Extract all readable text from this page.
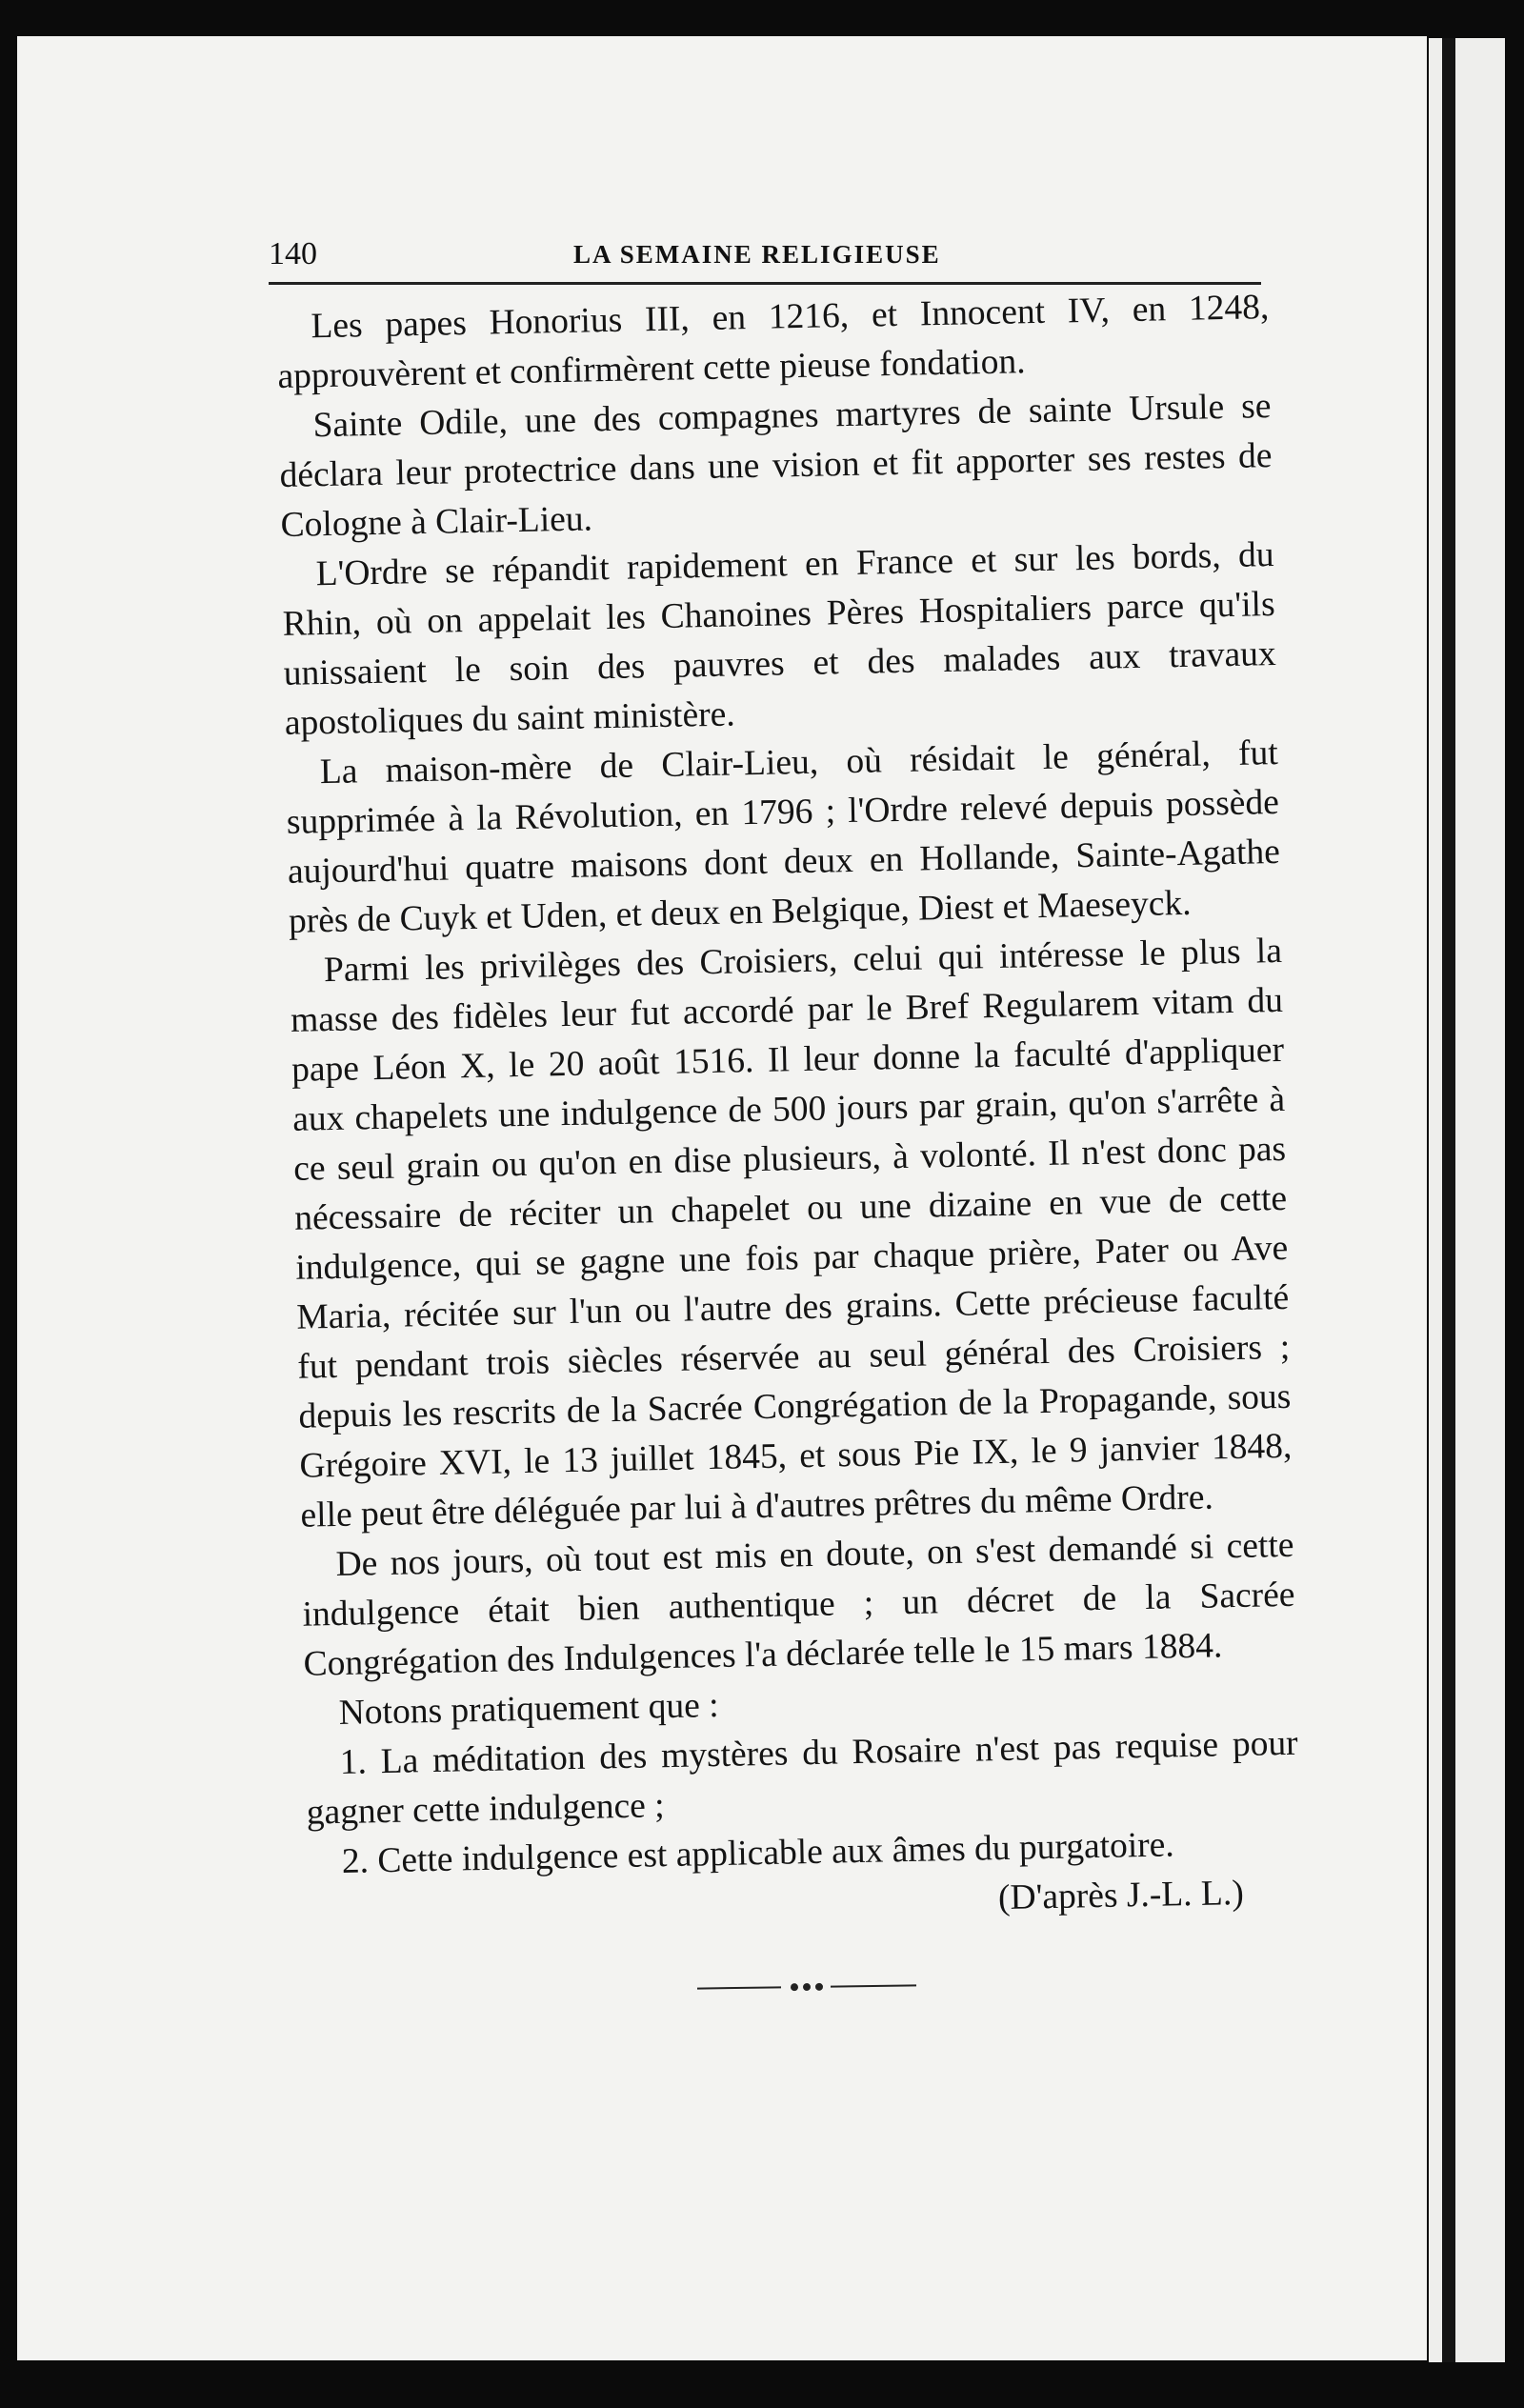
140	LA SEMAINE RELIGIEUSE

Les papes Honorius III, en 1216, et Innocent IV, en 1248, approuvèrent et confirmèrent cette pieuse fondation.

Sainte Odile, une des compagnes martyres de sainte Ursule se déclara leur protectrice dans une vision et fit apporter ses restes de Cologne à Clair-Lieu.

L'Ordre se répandit rapidement en France et sur les bords, du Rhin, où on appelait les Chanoines Pères Hospitaliers parce qu'ils unissaient le soin des pauvres et des malades aux travaux apostoliques du saint ministère.

La maison-mère de Clair-Lieu, où résidait le général, fut supprimée à la Révolution, en 1796 ; l'Ordre relevé depuis possède aujourd'hui quatre maisons dont deux en Hollande, Sainte-Agathe près de Cuyk et Uden, et deux en Belgique, Diest et Maeseyck.

Parmi les privilèges des Croisiers, celui qui intéresse le plus la masse des fidèles leur fut accordé par le Bref Regularem vitam du pape Léon X, le 20 août 1516. Il leur donne la faculté d'appliquer aux chapelets une indulgence de 500 jours par grain, qu'on s'arrête à ce seul grain ou qu'on en dise plusieurs, à volonté. Il n'est donc pas nécessaire de réciter un chapelet ou une dizaine en vue de cette indulgence, qui se gagne une fois par chaque prière, Pater ou Ave Maria, récitée sur l'un ou l'autre des grains. Cette précieuse faculté fut pendant trois siècles réservée au seul général des Croisiers ; depuis les rescrits de la Sacrée Congrégation de la Propagande, sous Grégoire XVI, le 13 juillet 1845, et sous Pie IX, le 9 janvier 1848, elle peut être déléguée par lui à d'autres prêtres du même Ordre.

De nos jours, où tout est mis en doute, on s'est demandé si cette indulgence était bien authentique ; un décret de la Sacrée Congrégation des Indulgences l'a déclarée telle le 15 mars 1884.

Notons pratiquement que :

1. La méditation des mystères du Rosaire n'est pas requise pour gagner cette indulgence ;

2. Cette indulgence est applicable aux âmes du purgatoire.

(D'après J.-L. L.)
